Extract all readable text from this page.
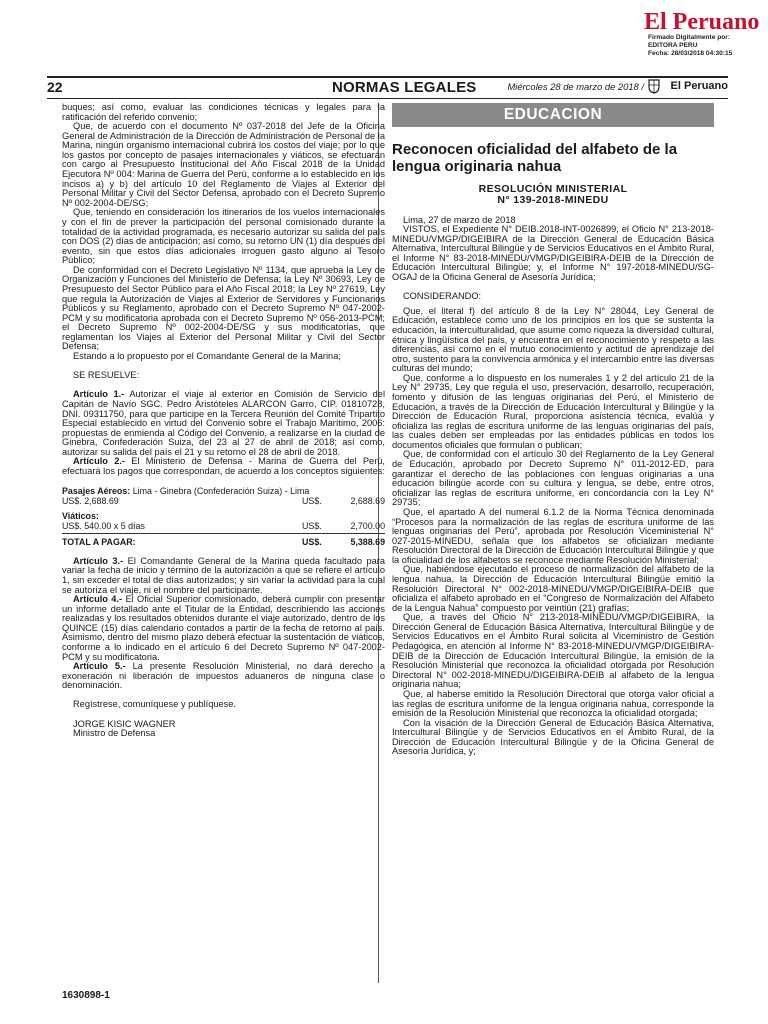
El Peruano
Firmado Digitalmente por:
EDITORA PERU
Fecha: 28/03/2018 04:30:15
22	NORMAS LEGALES	Miércoles 28 de marzo de 2018 / El Peruano

buques; así como, evaluar las condiciones técnicas y legales para la ratificación del referido convenio;

Que, de acuerdo con el documento Nº 037-2018 del Jefe de la Oficina General de Administración de la Dirección de Administración de Personal de la Marina, ningún organismo internacional cubrirá los costos del viaje; por lo que los gastos por concepto de pasajes internacionales y viáticos, se efectuarán con cargo al Presupuesto Institucional del Año Fiscal 2018 de la Unidad Ejecutora Nº 004: Marina de Guerra del Perú, conforme a lo establecido en los incisos a) y b) del artículo 10 del Reglamento de Viajes al Exterior del Personal Militar y Civil del Sector Defensa, aprobado con el Decreto Supremo Nº 002-2004-DE/SG;

Que, teniendo en consideración los itinerarios de los vuelos internacionales y con el fin de prever la participación del personal comisionado durante la totalidad de la actividad programada, es necesario autorizar su salida del país con DOS (2) días de anticipación; así como, su retorno UN (1) día después del evento, sin que estos días adicionales irroguen gasto alguno al Tesoro Público;

De conformidad con el Decreto Legislativo Nº 1134, que aprueba la Ley de Organización y Funciones del Ministerio de Defensa; la Ley Nº 30693, Ley de Presupuesto del Sector Público para el Año Fiscal 2018; la Ley Nº 27619, Ley que regula la Autorización de Viajes al Exterior de Servidores y Funcionarios Públicos y su Reglamento, aprobado con el Decreto Supremo Nº 047-2002-PCM y su modificatoria aprobada con el Decreto Supremo Nº 056-2013-PCM; el Decreto Supremo Nº 002-2004-DE/SG y sus modificatorias, que reglamentan los Viajes al Exterior del Personal Militar y Civil del Sector Defensa;

Estando a lo propuesto por el Comandante General de la Marina;

SE RESUELVE:

Artículo 1.- Autorizar el viaje al exterior en Comisión de Servicio del Capitán de Navío SGC. Pedro Aristóteles ALARCON Garro, CIP. 01810728, DNI. 09311750, para que participe en la Tercera Reunión del Comité Tripartito Especial establecido en virtud del Convenio sobre el Trabajo Marítimo, 2006: propuestas de enmienda al Código del Convenio, a realizarse en la ciudad de Ginebra, Confederación Suiza, del 23 al 27 de abril de 2018; así como, autorizar su salida del país el 21 y su retorno el 28 de abril de 2018.

Artículo 2.- El Ministerio de Defensa - Marina de Guerra del Perú, efectuará los pagos que correspondan, de acuerdo a los conceptos siguientes:

Pasajes Aéreos: Lima - Ginebra (Confederación Suiza) - Lima
US$. 2,688.69	US$.	2,688.69
Viáticos:
US$. 540.00 x 5 días	US$.	2,700.00
TOTAL A PAGAR:	US$.	5,388.69

Artículo 3.- El Comandante General de la Marina queda facultado para variar la fecha de inicio y término de la autorización a que se refiere el artículo 1, sin exceder el total de días autorizados; y sin variar la actividad para la cual se autoriza el viaje, ni el nombre del participante.

Artículo 4.- El Oficial Superior comisionado, deberá cumplir con presentar un informe detallado ante el Titular de la Entidad, describiendo las acciones realizadas y los resultados obtenidos durante el viaje autorizado, dentro de los QUINCE (15) días calendario contados a partir de la fecha de retorno al país. Asimismo, dentro del mismo plazo deberá efectuar la sustentación de viáticos, conforme a lo indicado en el artículo 6 del Decreto Supremo Nº 047-2002-PCM y su modificatoria.

Artículo 5.- La presente Resolución Ministerial, no dará derecho a exoneración ni liberación de impuestos aduaneros de ninguna clase o denominación.

Regístrese, comuníquese y publíquese.

JORGE KISIC WAGNER

Ministro de Defensa

1630898-1
EDUCACION
Reconocen oficialidad del alfabeto de la lengua originaria nahua
RESOLUCIÓN MINISTERIAL
N° 139-2018-MINEDU

Lima, 27 de marzo de 2018

VISTOS, el Expediente N° DEIB.2018-INT-0026899, el Oficio N° 213-2018-MINEDU/VMGP/DIGEIBIRA de la Dirección General de Educación Básica Alternativa, Intercultural Bilingüe y de Servicios Educativos en el Ámbito Rural, el Informe N° 83-2018-MINEDU/VMGP/DIGEIBIRA-DEIB de la Dirección de Educación Intercultural Bilingüe; y, el Informe N° 197-2018-MINEDU/SG-OGAJ de la Oficina General de Asesoría Jurídica;

CONSIDERANDO:

Que, el literal f) del artículo 8 de la Ley N° 28044, Ley General de Educación, establece como uno de los principios en los que se sustenta la educación, la interculturalidad, que asume como riqueza la diversidad cultural, étnica y lingüística del país, y encuentra en el reconocimiento y respeto a las diferencias, así como en el mutuo conocimiento y actitud de aprendizaje del otro, sustento para la convivencia armónica y el intercambio entre las diversas culturas del mundo;

Que, conforme a lo dispuesto en los numerales 1 y 2 del artículo 21 de la Ley N° 29735, Ley que regula el uso, preservación, desarrollo, recuperación, fomento y difusión de las lenguas originarias del Perú, el Ministerio de Educación, a través de la Dirección de Educación Intercultural y Bilingüe y la Dirección de Educación Rural, proporciona asistencia técnica, evalúa y oficializa las reglas de escritura uniforme de las lenguas originarias del país, las cuales deben ser empleadas por las entidades públicas en todos los documentos oficiales que formulan o publican;

Que, de conformidad con el artículo 30 del Reglamento de la Ley General de Educación, aprobado por Decreto Supremo N° 011-2012-ED, para garantizar el derecho de las poblaciones con lenguas originarias a una educación bilingüe acorde con su cultura y lengua, se debe, entre otros, oficializar las reglas de escritura uniforme, en concordancia con la Ley N° 29735;

Que, el apartado A del numeral 6.1.2 de la Norma Técnica denominada “Procesos para la normalización de las reglas de escritura uniforme de las lenguas originarias del Perú”, aprobada por Resolución Viceministerial N° 027-2015-MINEDU, señala que los alfabetos se oficializan mediante Resolución Directoral de la Dirección de Educación Intercultural Bilingüe y que la oficialidad de los alfabetos se reconoce mediante Resolución Ministerial;

Que, habiéndose ejecutado el proceso de normalización del alfabeto de la lengua nahua, la Dirección de Educación Intercultural Bilingüe emitió la Resolución Directoral N° 002-2018-MINEDU/VMGP/DIGEIBIRA-DEIB que oficializa el alfabeto aprobado en el “Congreso de Normalización del Alfabeto de la Lengua Nahua” compuesto por veintiún (21) grafías;

Que, a través del Oficio N° 213-2018-MINEDU/VMGP/DIGEIBIRA, la Dirección General de Educación Básica Alternativa, Intercultural Bilingüe y de Servicios Educativos en el Ámbito Rural solicita al Viceministro de Gestión Pedagógica, en atención al Informe N° 83-2018-MINEDU/VMGP/DIGEIBIRA-DEIB de la Dirección de Educación Intercultural Bilingüe, la emisión de la Resolución Ministerial que reconozca la oficialidad otorgada por Resolución Directoral N° 002-2018-MINEDU/DIGEIBIRA-DEIB al alfabeto de la lengua originaria nahua;

Que, al haberse emitido la Resolución Directoral que otorga valor oficial a las reglas de escritura uniforme de la lengua originaria nahua, corresponde la emisión de la Resolución Ministerial que reconozca la oficialidad otorgada;

Con la visación de la Dirección General de Educación Básica Alternativa, Intercultural Bilingüe y de Servicios Educativos en el Ámbito Rural, de la Dirección de Educación Intercultural Bilingüe y de la Oficina General de Asesoría Jurídica, y;
